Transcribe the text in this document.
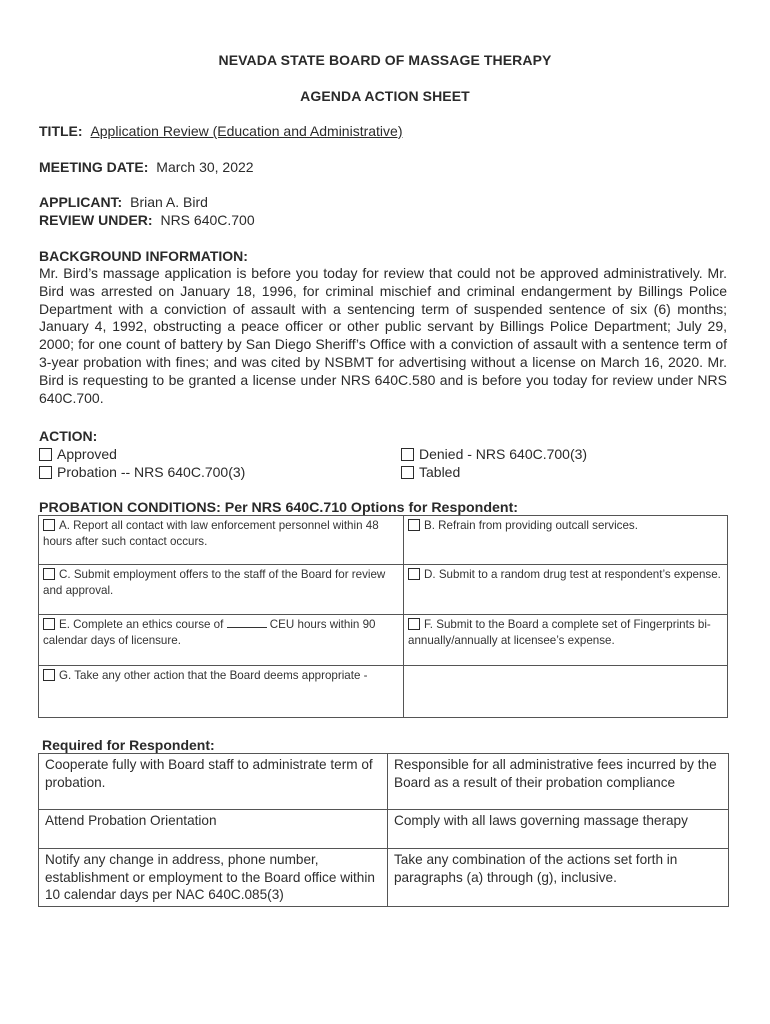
NEVADA STATE BOARD OF MASSAGE THERAPY
AGENDA ACTION SHEET
TITLE: Application Review (Education and Administrative)
MEETING DATE: March 30, 2022
APPLICANT: Brian A. Bird
REVIEW UNDER: NRS 640C.700
BACKGROUND INFORMATION:
Mr. Bird’s massage application is before you today for review that could not be approved administratively. Mr. Bird was arrested on January 18, 1996, for criminal mischief and criminal endangerment by Billings Police Department with a conviction of assault with a sentencing term of suspended sentence of six (6) months; January 4, 1992, obstructing a peace officer or other public servant by Billings Police Department; July 29, 2000; for one count of battery by San Diego Sheriff’s Office with a conviction of assault with a sentence term of 3-year probation with fines; and was cited by NSBMT for advertising without a license on March 16, 2020. Mr. Bird is requesting to be granted a license under NRS 640C.580 and is before you today for review under NRS 640C.700.
ACTION:
Approved
Probation -- NRS 640C.700(3)
Denied - NRS 640C.700(3)
Tabled
PROBATION CONDITIONS: Per NRS 640C.710 Options for Respondent:
A. Report all contact with law enforcement personnel within 48 hours after such contact occurs.	B. Refrain from providing outcall services.
C. Submit employment offers to the staff of the Board for review and approval.	D. Submit to a random drug test at respondent’s expense.
E. Complete an ethics course of CEU hours within 90 calendar days of licensure.	F. Submit to the Board a complete set of Fingerprints bi-annually/annually at licensee’s expense.
G. Take any other action that the Board deems appropriate -	
Required for Respondent:
Cooperate fully with Board staff to administrate term of probation.	Responsible for all administrative fees incurred by the Board as a result of their probation compliance
Attend Probation Orientation	Comply with all laws governing massage therapy
Notify any change in address, phone number, establishment or employment to the Board office within 10 calendar days per NAC 640C.085(3)	Take any combination of the actions set forth in paragraphs (a) through (g), inclusive.
